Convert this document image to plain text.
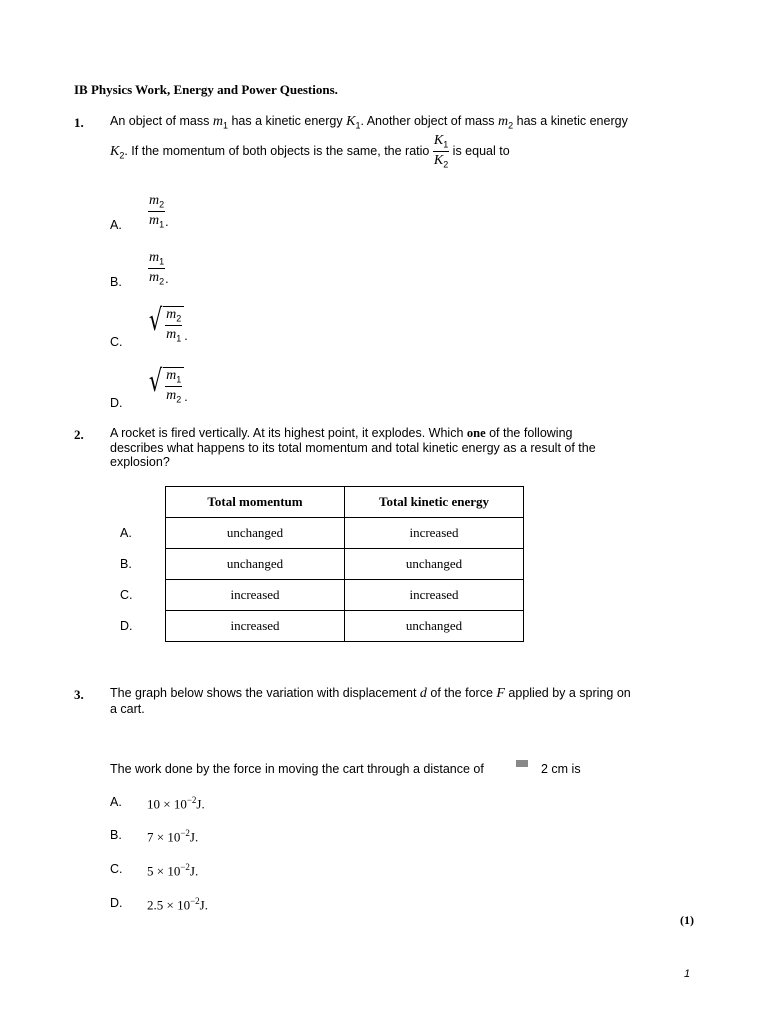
IB Physics Work, Energy and Power Questions.
1. An object of mass $m_1$ has a kinetic energy $K_1$. Another object of mass $m_2$ has a kinetic energy
$K_2$. If the momentum of both objects is the same, the ratio $\frac{K_1}{K_2}$ is equal to
A. $\frac{m_2}{m_1}$ .
B. $\frac{m_1}{m_2}$ .
C.
√ $\frac{m_2}{m_1}$ .
D.
√ $\frac{m_1}{m_2}$ .
2. A rocket is fired vertically. At its highest point, it explodes. Which one of the following
describes what happens to its total momentum and total kinetic energy as a result of the
explosion?
A.
B.
C.
D.
Total momentum	Total kinetic energy
unchanged	increased
unchanged	unchanged
increased	increased
increased	unchanged
3. The graph below shows the variation with displacement d of the force F applied by a spring on
a cart.
The work done by the force in moving the cart through a distance of	2 cm is
A. $10 \times 10^{-2}J$.
B. $7 \times 10^{-2}J$.
C. $5 \times 10^{-2}J$.
D. $2.5 \times 10^{-2}J$.
(1)
1
